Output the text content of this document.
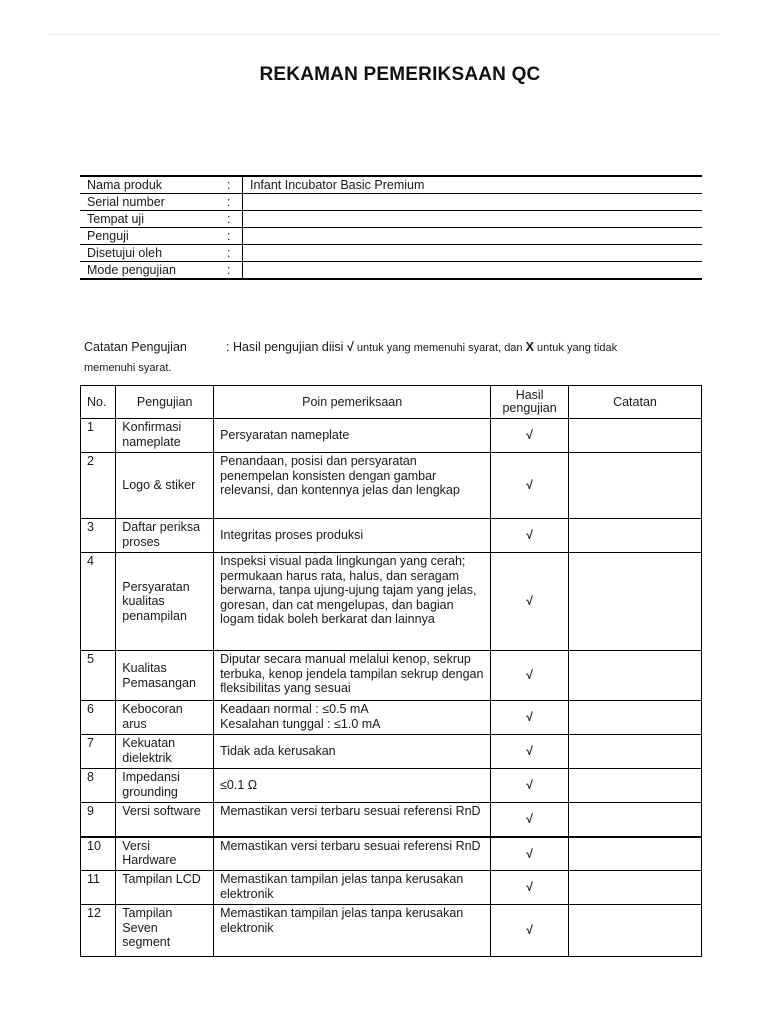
REKAMAN PEMERIKSAAN QC
Nama produk	:	Infant Incubator Basic Premium
Serial number	:	
Tempat uji	:	
Penguji	:	
Disetujui oleh	:	
Mode pengujian	:	
Catatan Pengujian	: Hasil pengujian diisi √ untuk yang memenuhi syarat, dan X untuk yang tidak
memenuhi syarat.
No.	Pengujian	Poin pemeriksaan	Hasil pengujian	Catatan
1	Konfirmasi nameplate	Persyaratan nameplate	√	
2	Logo & stiker	Penandaan, posisi dan persyaratan penempelan konsisten dengan gambar relevansi, dan kontennya jelas dan lengkap	√	
3	Daftar periksa proses	Integritas proses produksi	√	
4	Persyaratan kualitas penampilan	Inspeksi visual pada lingkungan yang cerah; permukaan harus rata, halus, dan seragam berwarna, tanpa ujung-ujung tajam yang jelas, goresan, dan cat mengelupas, dan bagian logam tidak boleh berkarat dan lainnya	√	
5	Kualitas Pemasangan	Diputar secara manual melalui kenop, sekrup terbuka, kenop jendela tampilan sekrup dengan fleksibilitas yang sesuai	√	
6	Kebocoran arus	Keadaan normal : ≤0.5 mA
Kesalahan tunggal : ≤1.0 mA	√	
7	Kekuatan dielektrik	Tidak ada kerusakan	√	
8	Impedansi grounding	≤0.1 Ω	√	
9	Versi software	Memastikan versi terbaru sesuai referensi RnD	√	
10	Versi Hardware	Memastikan versi terbaru sesuai referensi RnD	√	
11	Tampilan LCD	Memastikan tampilan jelas tanpa kerusakan elektronik	√	
12	Tampilan Seven segment	Memastikan tampilan jelas tanpa kerusakan elektronik	√	
